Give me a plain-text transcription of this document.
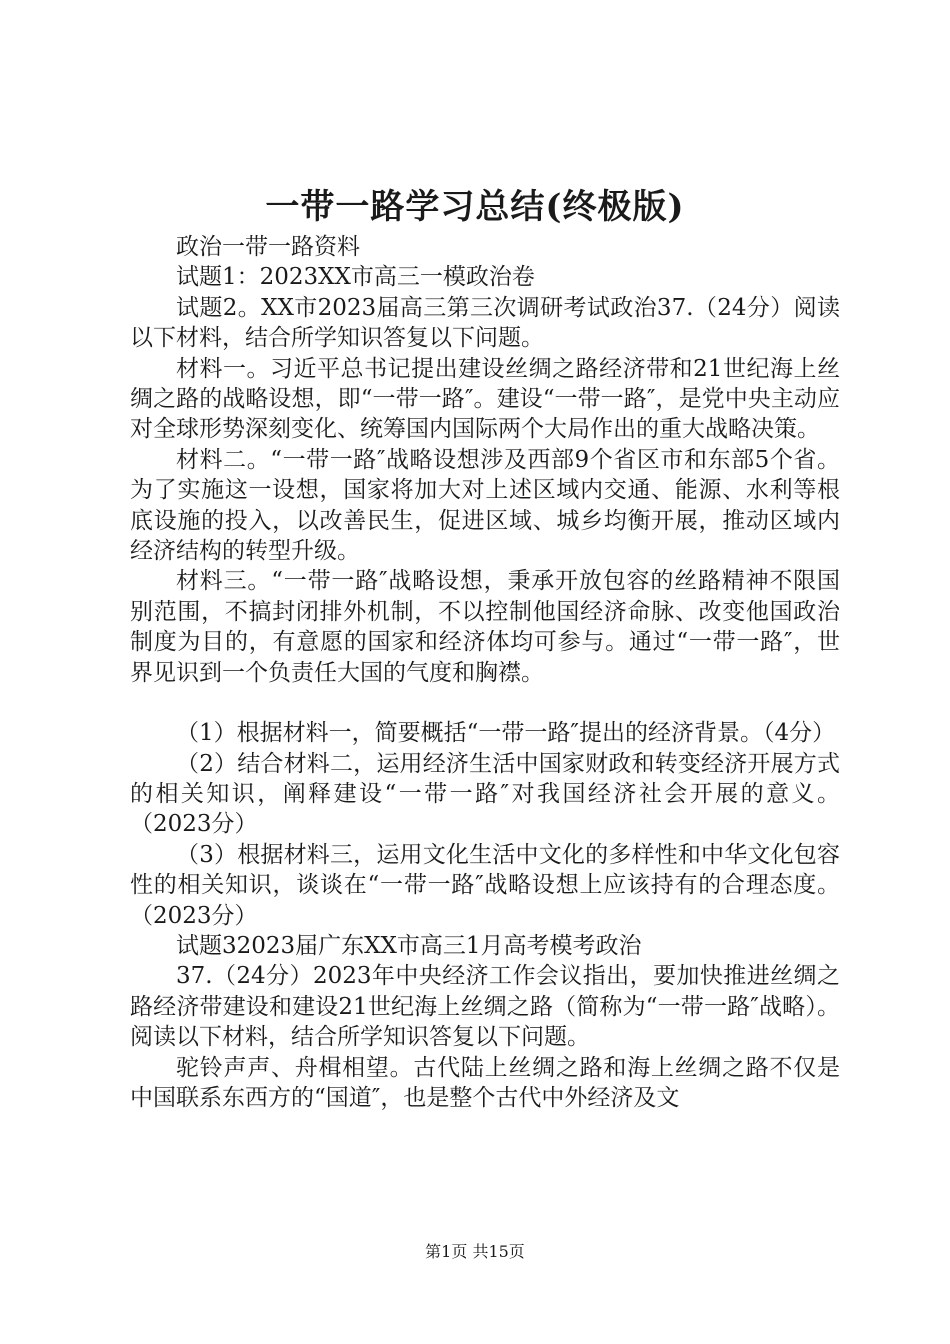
一带一路学习总结(终极版)

政治一带一路资料

试题1：2023XX市高三一模政治卷

试题2。XX市2023届高三第三次调研考试政治37.（24分）阅读以下材料，结合所学知识答复以下问题。

材料一。习近平总书记提出建设丝绸之路经济带和21世纪海上丝绸之路的战略设想，即“一带一路″。建设“一带一路″，是党中央主动应对全球形势深刻变化、统筹国内国际两个大局作出的重大战略决策。

材料二。“一带一路″战略设想涉及西部9个省区市和东部5个省。为了实施这一设想，国家将加大对上述区域内交通、能源、水利等根底设施的投入，以改善民生，促进区域、城乡均衡开展，推动区域内经济结构的转型升级。

材料三。“一带一路″战略设想，秉承开放包容的丝路精神不限国别范围，不搞封闭排外机制，不以控制他国经济命脉、改变他国政治制度为目的，有意愿的国家和经济体均可参与。通过“一带一路″，世界见识到一个负责任大国的气度和胸襟。

（1）根据材料一，简要概括“一带一路″提出的经济背景。（4分）

（2）结合材料二，运用经济生活中国家财政和转变经济开展方式的相关知识，阐释建设“一带一路″对我国经济社会开展的意义。（2023分）

（3）根据材料三，运用文化生活中文化的多样性和中华文化包容性的相关知识，谈谈在“一带一路″战略设想上应该持有的合理态度。（2023分）

试题32023届广东XX市高三1月高考模考政治

37.（24分）2023年中央经济工作会议指出，要加快推进丝绸之路经济带建设和建设21世纪海上丝绸之路（简称为“一带一路″战略）。阅读以下材料，结合所学知识答复以下问题。

驼铃声声、舟楫相望。古代陆上丝绸之路和海上丝绸之路不仅是中国联系东西方的“国道″，也是整个古代中外经济及文

第1页 共15页
